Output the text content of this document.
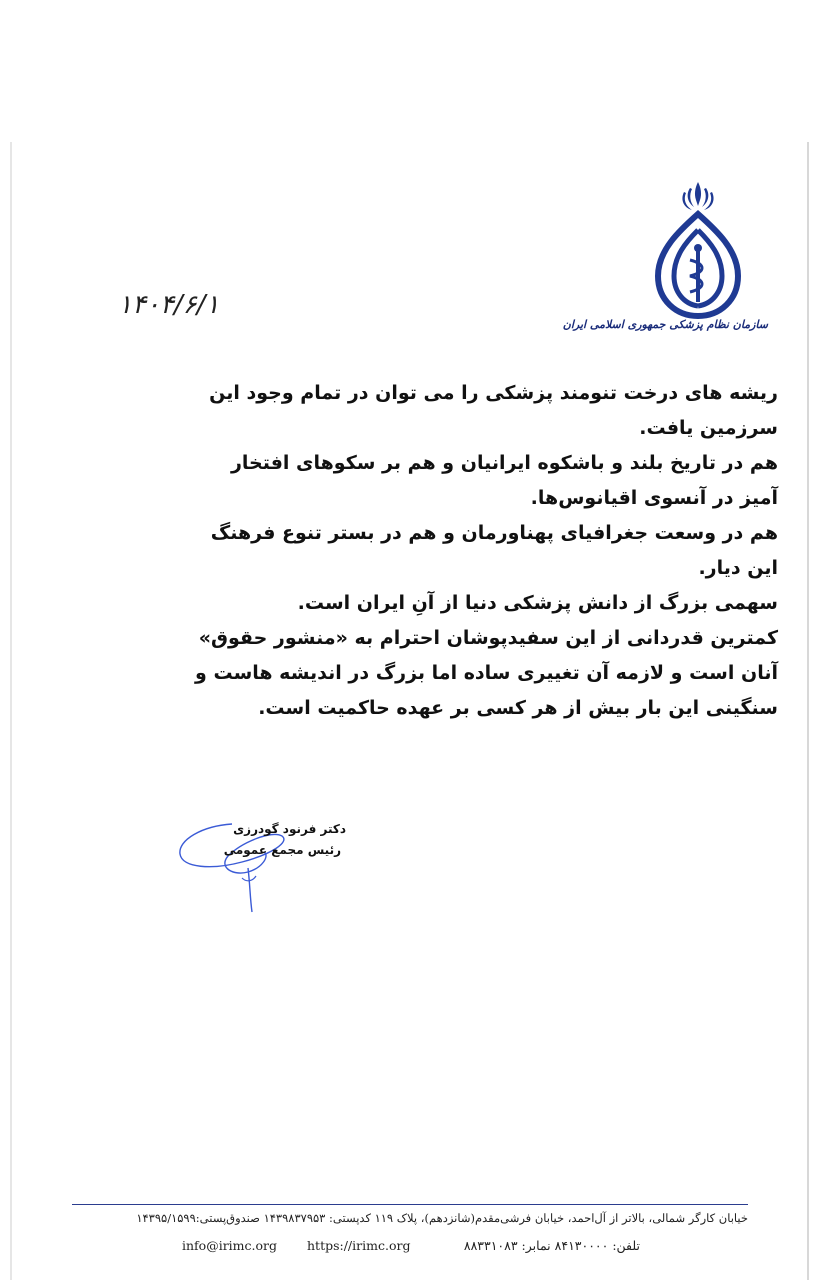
سازمان نظام پزشکی جمهوری اسلامی ایران
۱۴۰۴/۶/۱
ریشه های درخت تنومند پزشکی را می توان در تمام وجود این
سرزمین یافت.
هم در تاریخ بلند و باشکوه ایرانیان و هم بر سکوهای افتخار
آمیز در آنسوی اقیانوس‌ها.
هم در وسعت جغرافیای پهناورمان و هم در بستر تنوع فرهنگ
این دیار.
سهمی بزرگ از دانش پزشکی دنیا از آنِ ایران است.
کمترین قدردانی از این سفیدپوشان احترام به «منشور حقوق»
آنان است و لازمه آن تغییری ساده اما بزرگ در اندیشه هاست و
سنگینی این بار بیش از هر کسی بر عهده حاکمیت است.
دکتر فرنود گودرزی
رئیس مجمع عمومی
خیابان کارگر شمالی، بالاتر از آل‌احمد، خیابان فرشی‌مقدم(شانزدهم)، پلاک ۱۱۹ کدپستی: ۱۴۳۹۸۳۷۹۵۳ صندوق‌پستی:۱۴۳۹۵/۱۵۹۹
info@irimc.org https://irimc.org	تلفن: ۸۴۱۳۰۰۰۰ نمابر: ۸۸۳۳۱۰۸۳
